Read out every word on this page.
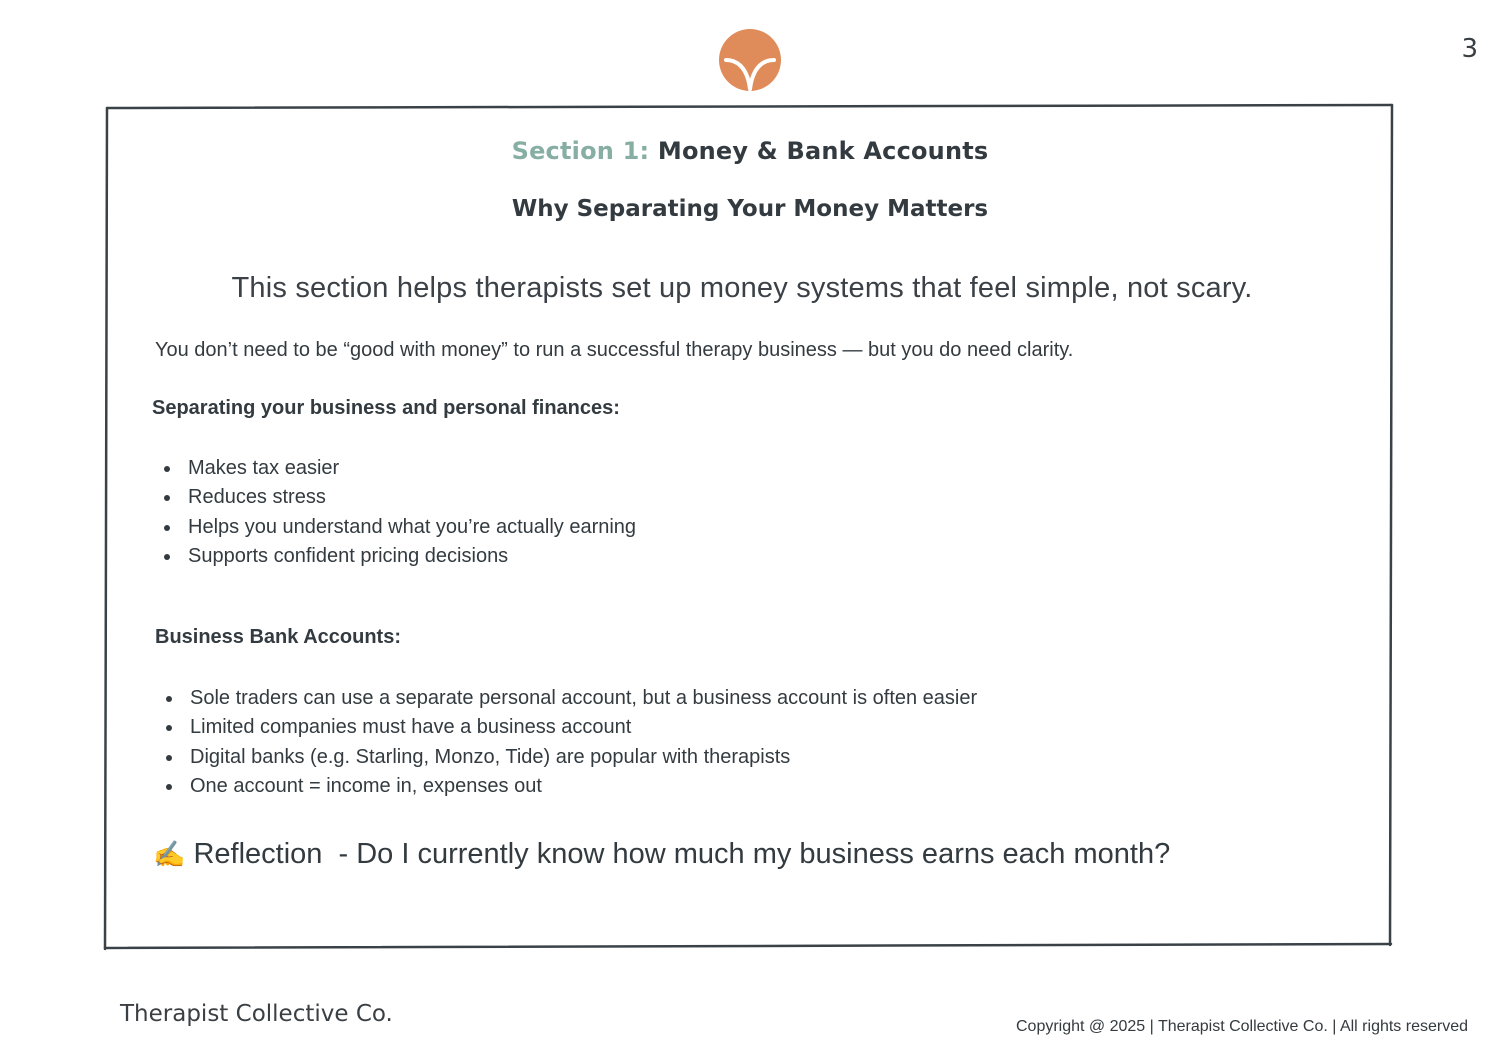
3
Section 1: Money & Bank Accounts
Why Separating Your Money Matters
This section helps therapists set up money systems that feel simple, not scary.
You don’t need to be “good with money” to run a successful therapy business — but you do need clarity.
Separating your business and personal finances:
Makes tax easier
Reduces stress
Helps you understand what you’re actually earning
Supports confident pricing decisions
Business Bank Accounts:
Sole traders can use a separate personal account, but a business account is often easier
Limited companies must have a business account
Digital banks (e.g. Starling, Monzo, Tide) are popular with therapists
One account = income in, expenses out
✍ Reflection  - Do I currently know how much my business earns each month?
Therapist Collective Co.	Copyright @ 2025 | Therapist Collective Co. | All rights reserved
